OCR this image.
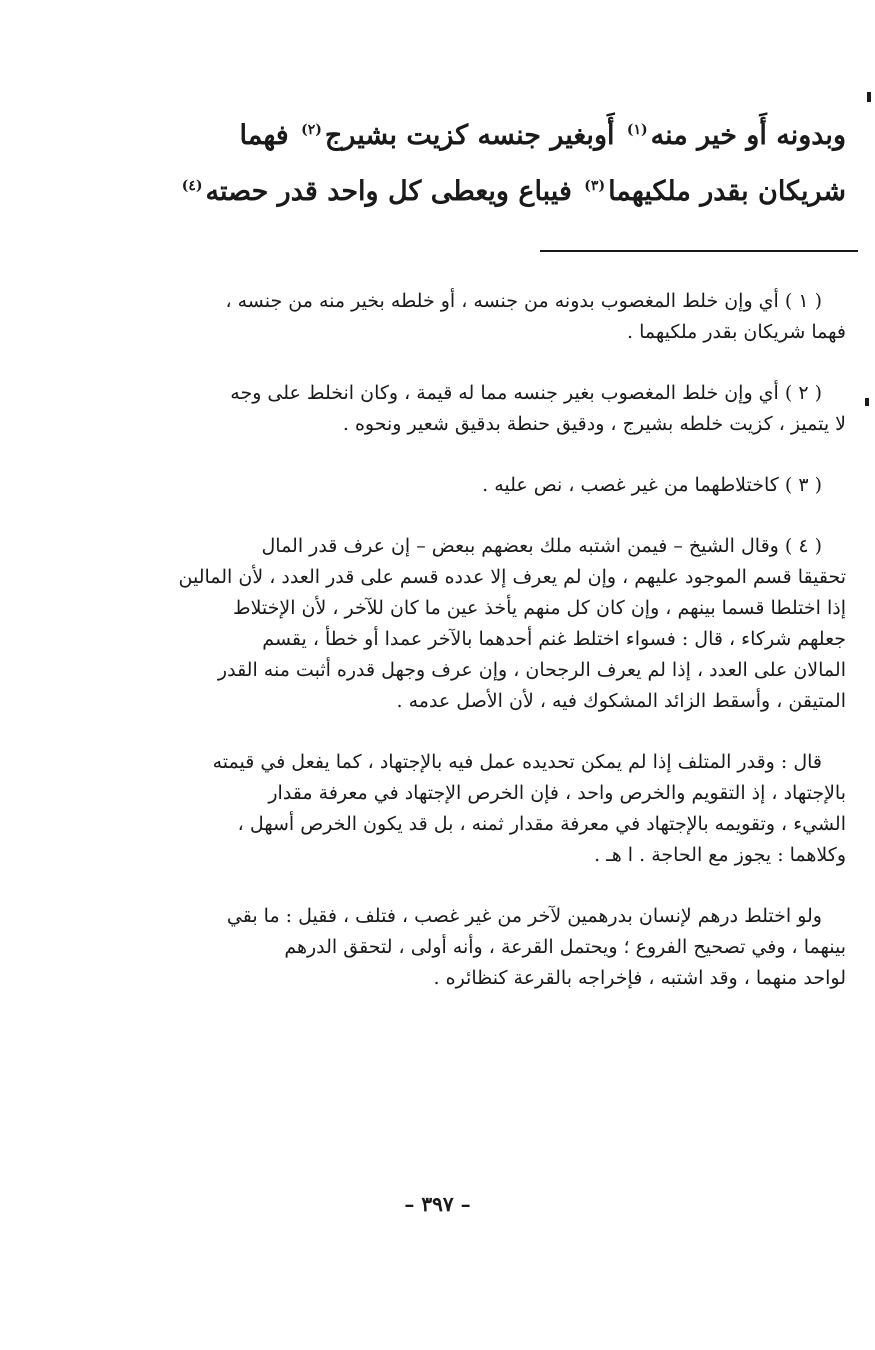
وبدونه أَو خير منه$^{(١)}$ أَوبغير جنسه كزيت بشيرج$^{(٢)}$ فهما
شريكان بقدر ملكيهما$^{(٣)}$ فيباع ويعطى كل واحد قدر حصته$^{(٤)}$
( ١ ) أي وإن خلط المغصوب بدونه من جنسه ، أو خلطه بخير منه من جنسه ،
فهما شريكان بقدر ملكيهما .
( ٢ ) أي وإن خلط المغصوب بغير جنسه مما له قيمة ، وكان انخلط على وجه
لا يتميز ، كزيت خلطه بشيرج ، ودقيق حنطة بدقيق شعير ونحوه .
( ٣ ) كاختلاطهما من غير غصب ، نص عليه .
( ٤ ) وقال الشيخ – فيمن اشتبه ملك بعضهم ببعض – إن عرف قدر المال
تحقيقا قسم الموجود عليهم ، وإن لم يعرف إلا عدده قسم على قدر العدد ، لأن المالين
إذا اختلطا قسما بينهم ، وإن كان كل منهم يأخذ عين ما كان للآخر ، لأن الإختلاط
جعلهم شركاء ، قال : فسواء اختلط غنم أحدهما بالآخر عمدا أو خطأ ، يقسم
المالان على العدد ، إذا لم يعرف الرجحان ، وإن عرف وجهل قدره أثبت منه القدر
المتيقن ، وأسقط الزائد المشكوك فيه ، لأن الأصل عدمه .
قال : وقدر المتلف إذا لم يمكن تحديده عمل فيه بالإجتهاد ، كما يفعل في قيمته
بالإجتهاد ، إذ التقويم والخرص واحد ، فإن الخرص الإجتهاد في معرفة مقدار
الشيء ، وتقويمه بالإجتهاد في معرفة مقدار ثمنه ، بل قد يكون الخرص أسهل ،
وكلاهما : يجوز مع الحاجة . ا هـ .
ولو اختلط درهم لإنسان بدرهمين لآخر من غير غصب ، فتلف ، فقيل : ما بقي
بينهما ، وفي تصحيح الفروع ؛ ويحتمل القرعة ، وأنه أولى ، لتحقق الدرهم
لواحد منهما ، وقد اشتبه ، فإخراجه بالقرعة كنظائره .
– ٣٩٧ –
